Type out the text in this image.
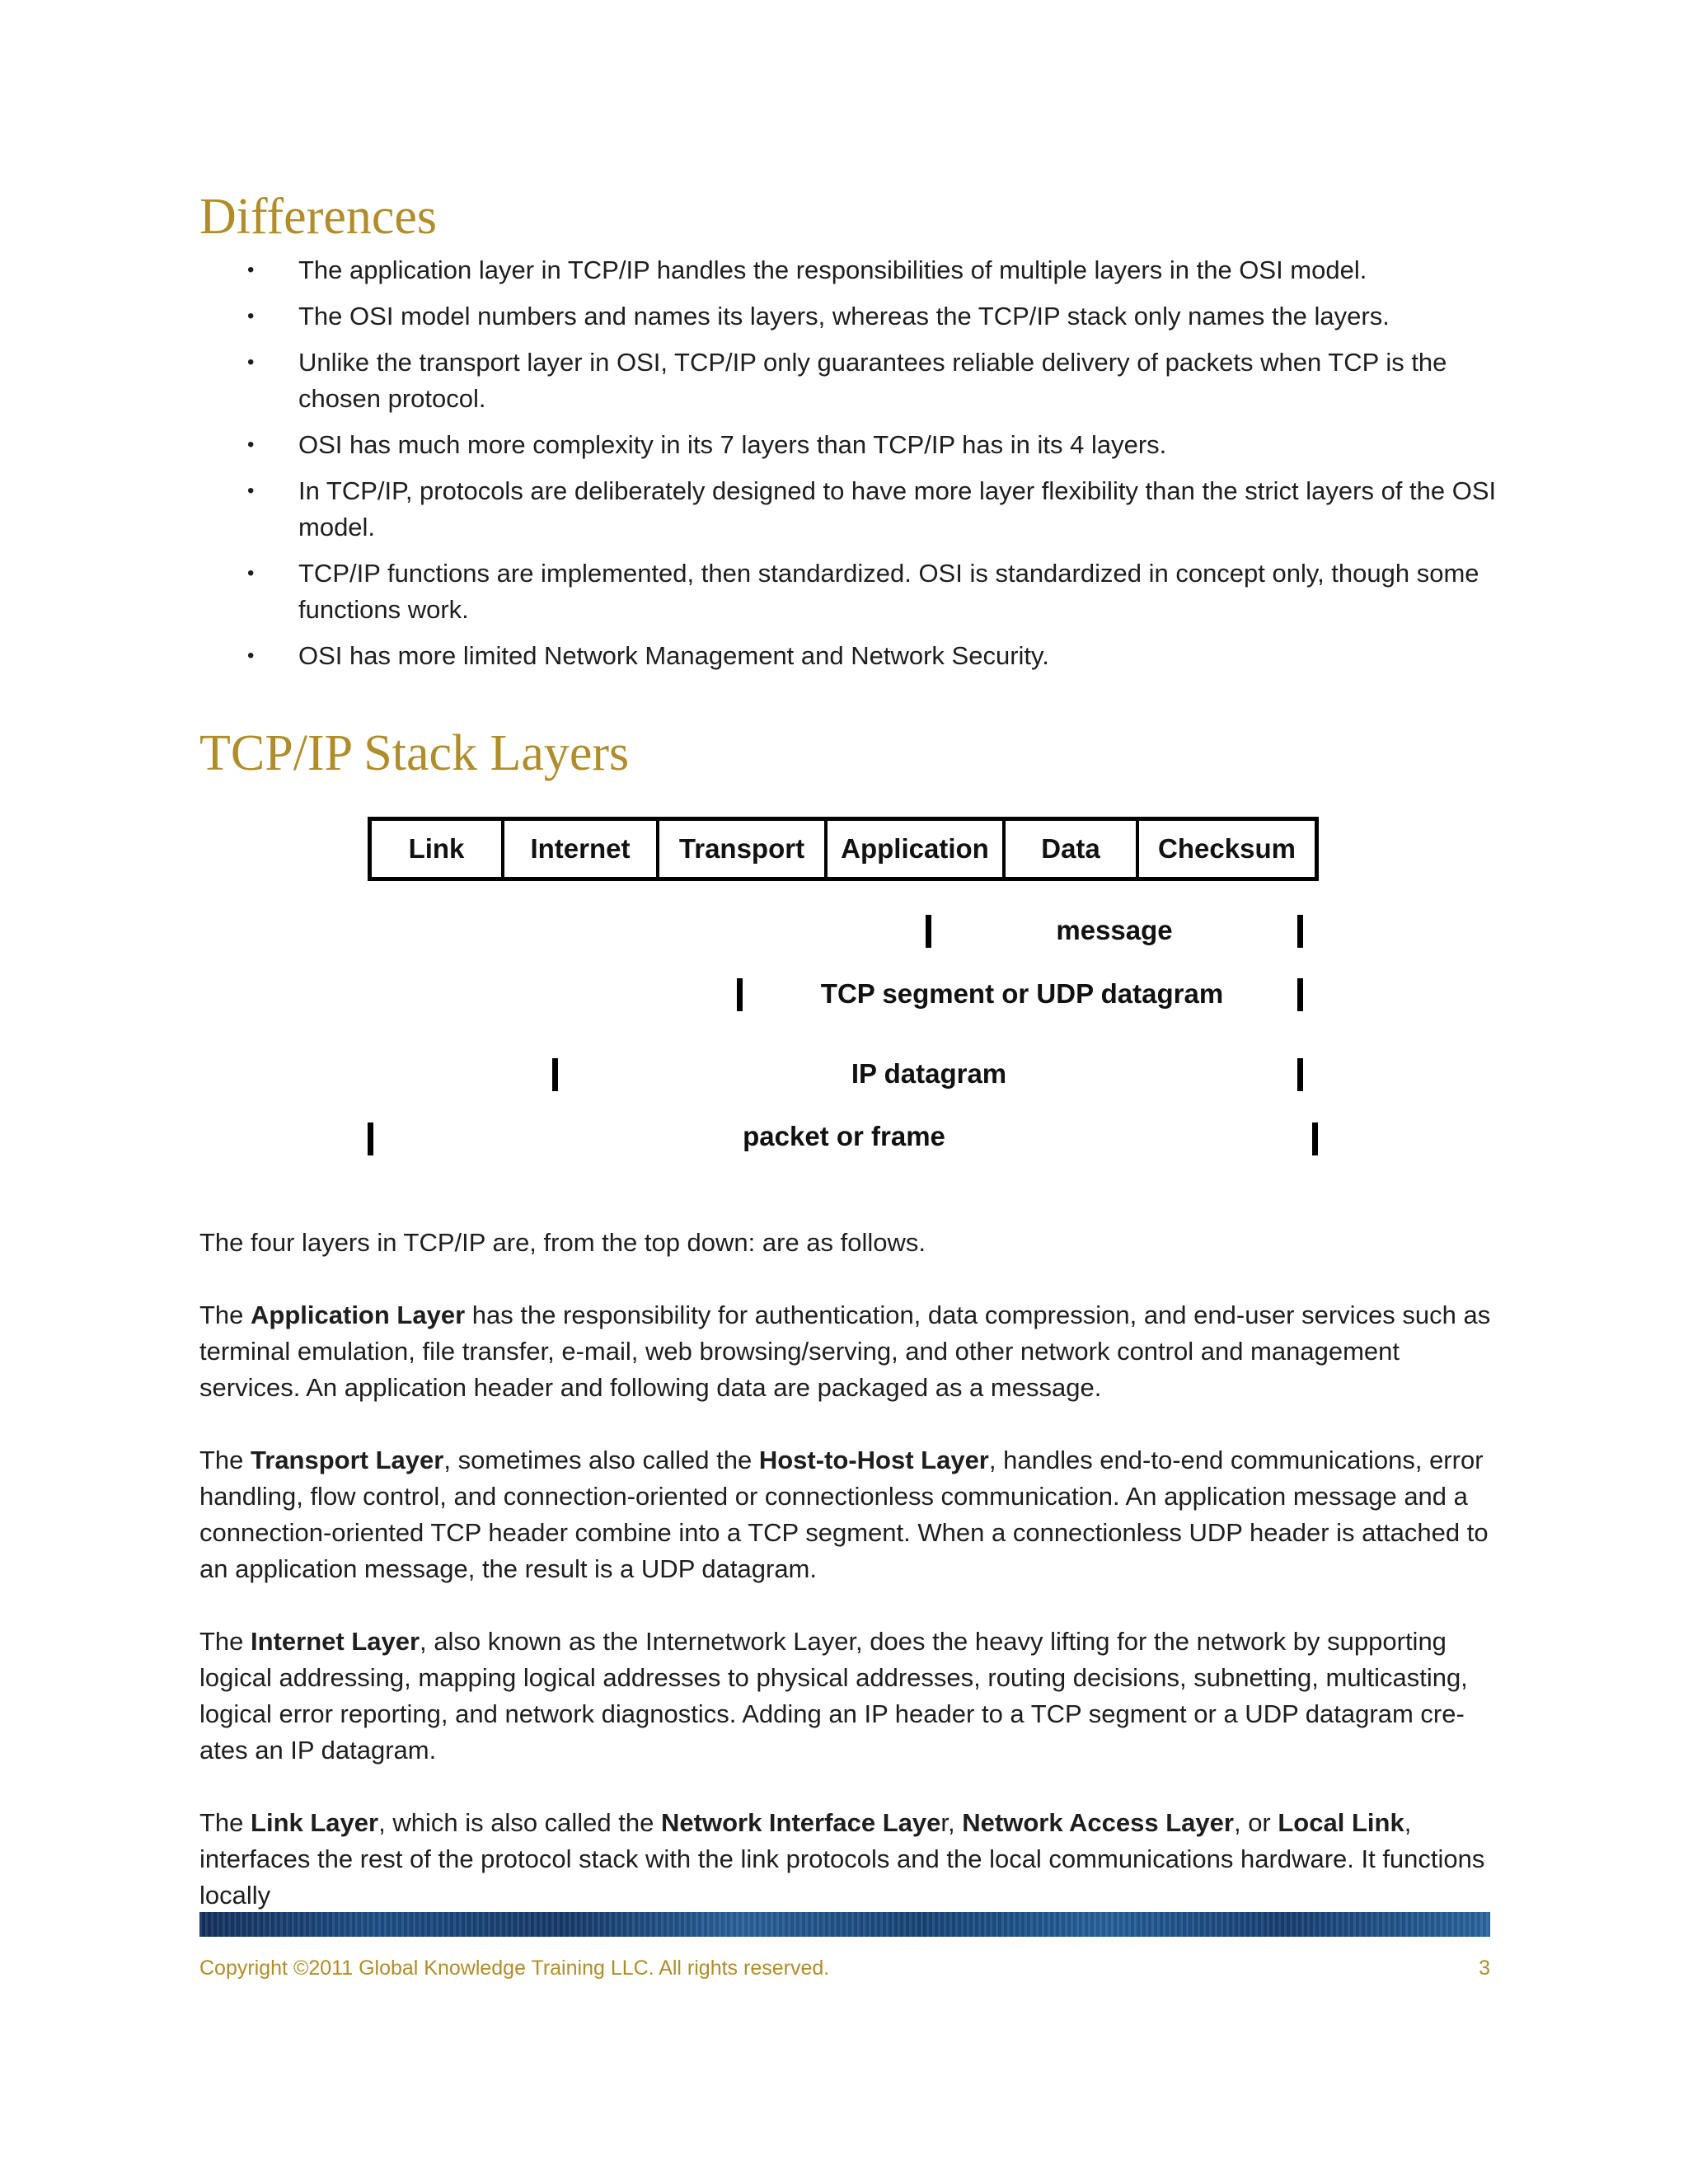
Differences
• The application layer in TCP/IP handles the responsibilities of multiple layers in the OSI model.
• The OSI model numbers and names its layers, whereas the TCP/IP stack only names the layers.
• Unlike the transport layer in OSI, TCP/IP only guarantees reliable delivery of packets when TCP is the chosen protocol.
• OSI has much more complexity in its 7 layers than TCP/IP has in its 4 layers.
• In TCP/IP, protocols are deliberately designed to have more layer flexibility than the strict layers of the OSI model.
• TCP/IP functions are implemented, then standardized. OSI is standardized in concept only, though some functions work.
• OSI has more limited Network Management and Network Security.
TCP/IP Stack Layers
Link	Internet	Transport	Application	Data	Checksum
message
TCP segment or UDP datagram
IP datagram
packet or frame

The four layers in TCP/IP are, from the top down: are as follows.

The Application Layer has the responsibility for authentication, data compression, and end-user services such as terminal emulation, file transfer, e-mail, web browsing/serving, and other network control and management services. An application header and following data are packaged as a message.

The Transport Layer, sometimes also called the Host-to-Host Layer, handles end-to-end communications, error handling, flow control, and connection-oriented or connectionless communication. An application message and a connection-oriented TCP header combine into a TCP segment. When a connectionless UDP header is attached to an application message, the result is a UDP datagram.

The Internet Layer, also known as the Internetwork Layer, does the heavy lifting for the network by supporting logical addressing, mapping logical addresses to physical addresses, routing decisions, subnetting, multicasting, logical error reporting, and network diagnostics. Adding an IP header to a TCP segment or a UDP datagram cre-ates an IP datagram.

The Link Layer, which is also called the Network Interface Layer, Network Access Layer, or Local Link, interfaces the rest of the protocol stack with the link protocols and the local communications hardware. It functions locally

Copyright ©2011 Global Knowledge Training LLC. All rights reserved.	3
